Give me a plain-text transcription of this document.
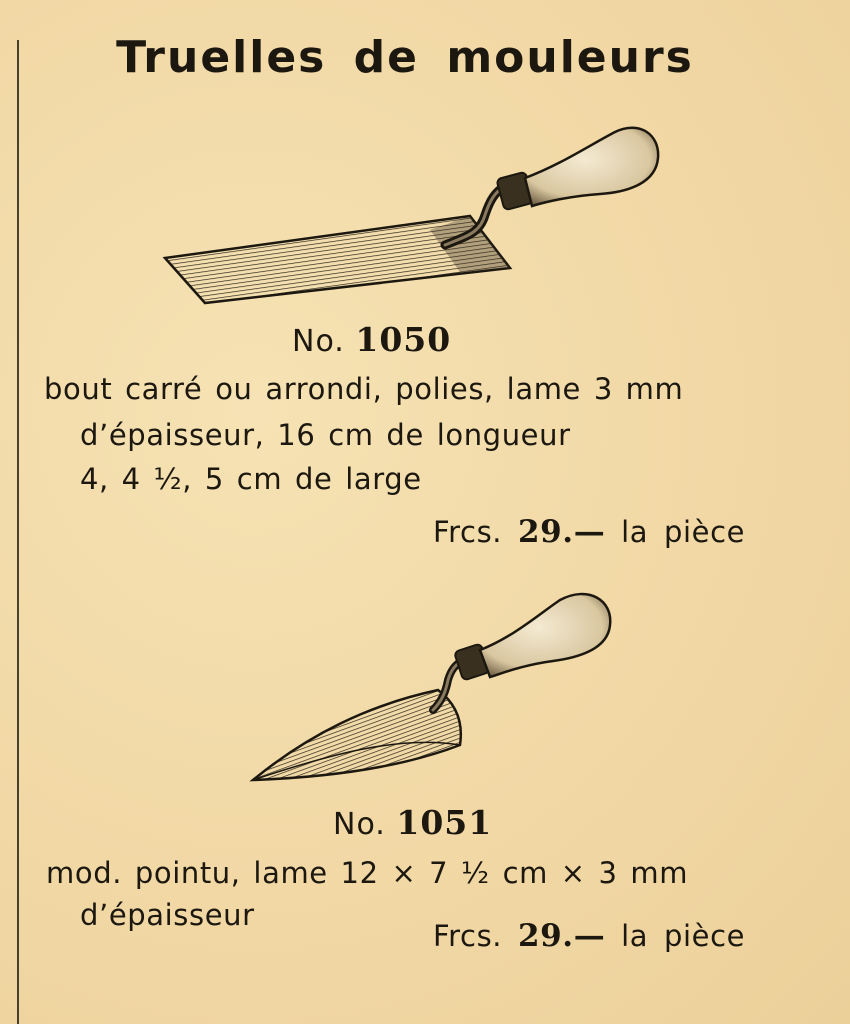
Truelles de mouleurs
No. 1050
bout carré ou arrondi, polies, lame 3 mm
d’épaisseur, 16 cm de longueur
4, 4 ½, 5 cm de large
Frcs. 29.— la pièce
No. 1051
mod. pointu, lame 12 × 7 ½ cm × 3 mm
d’épaisseur
Frcs. 29.— la pièce
